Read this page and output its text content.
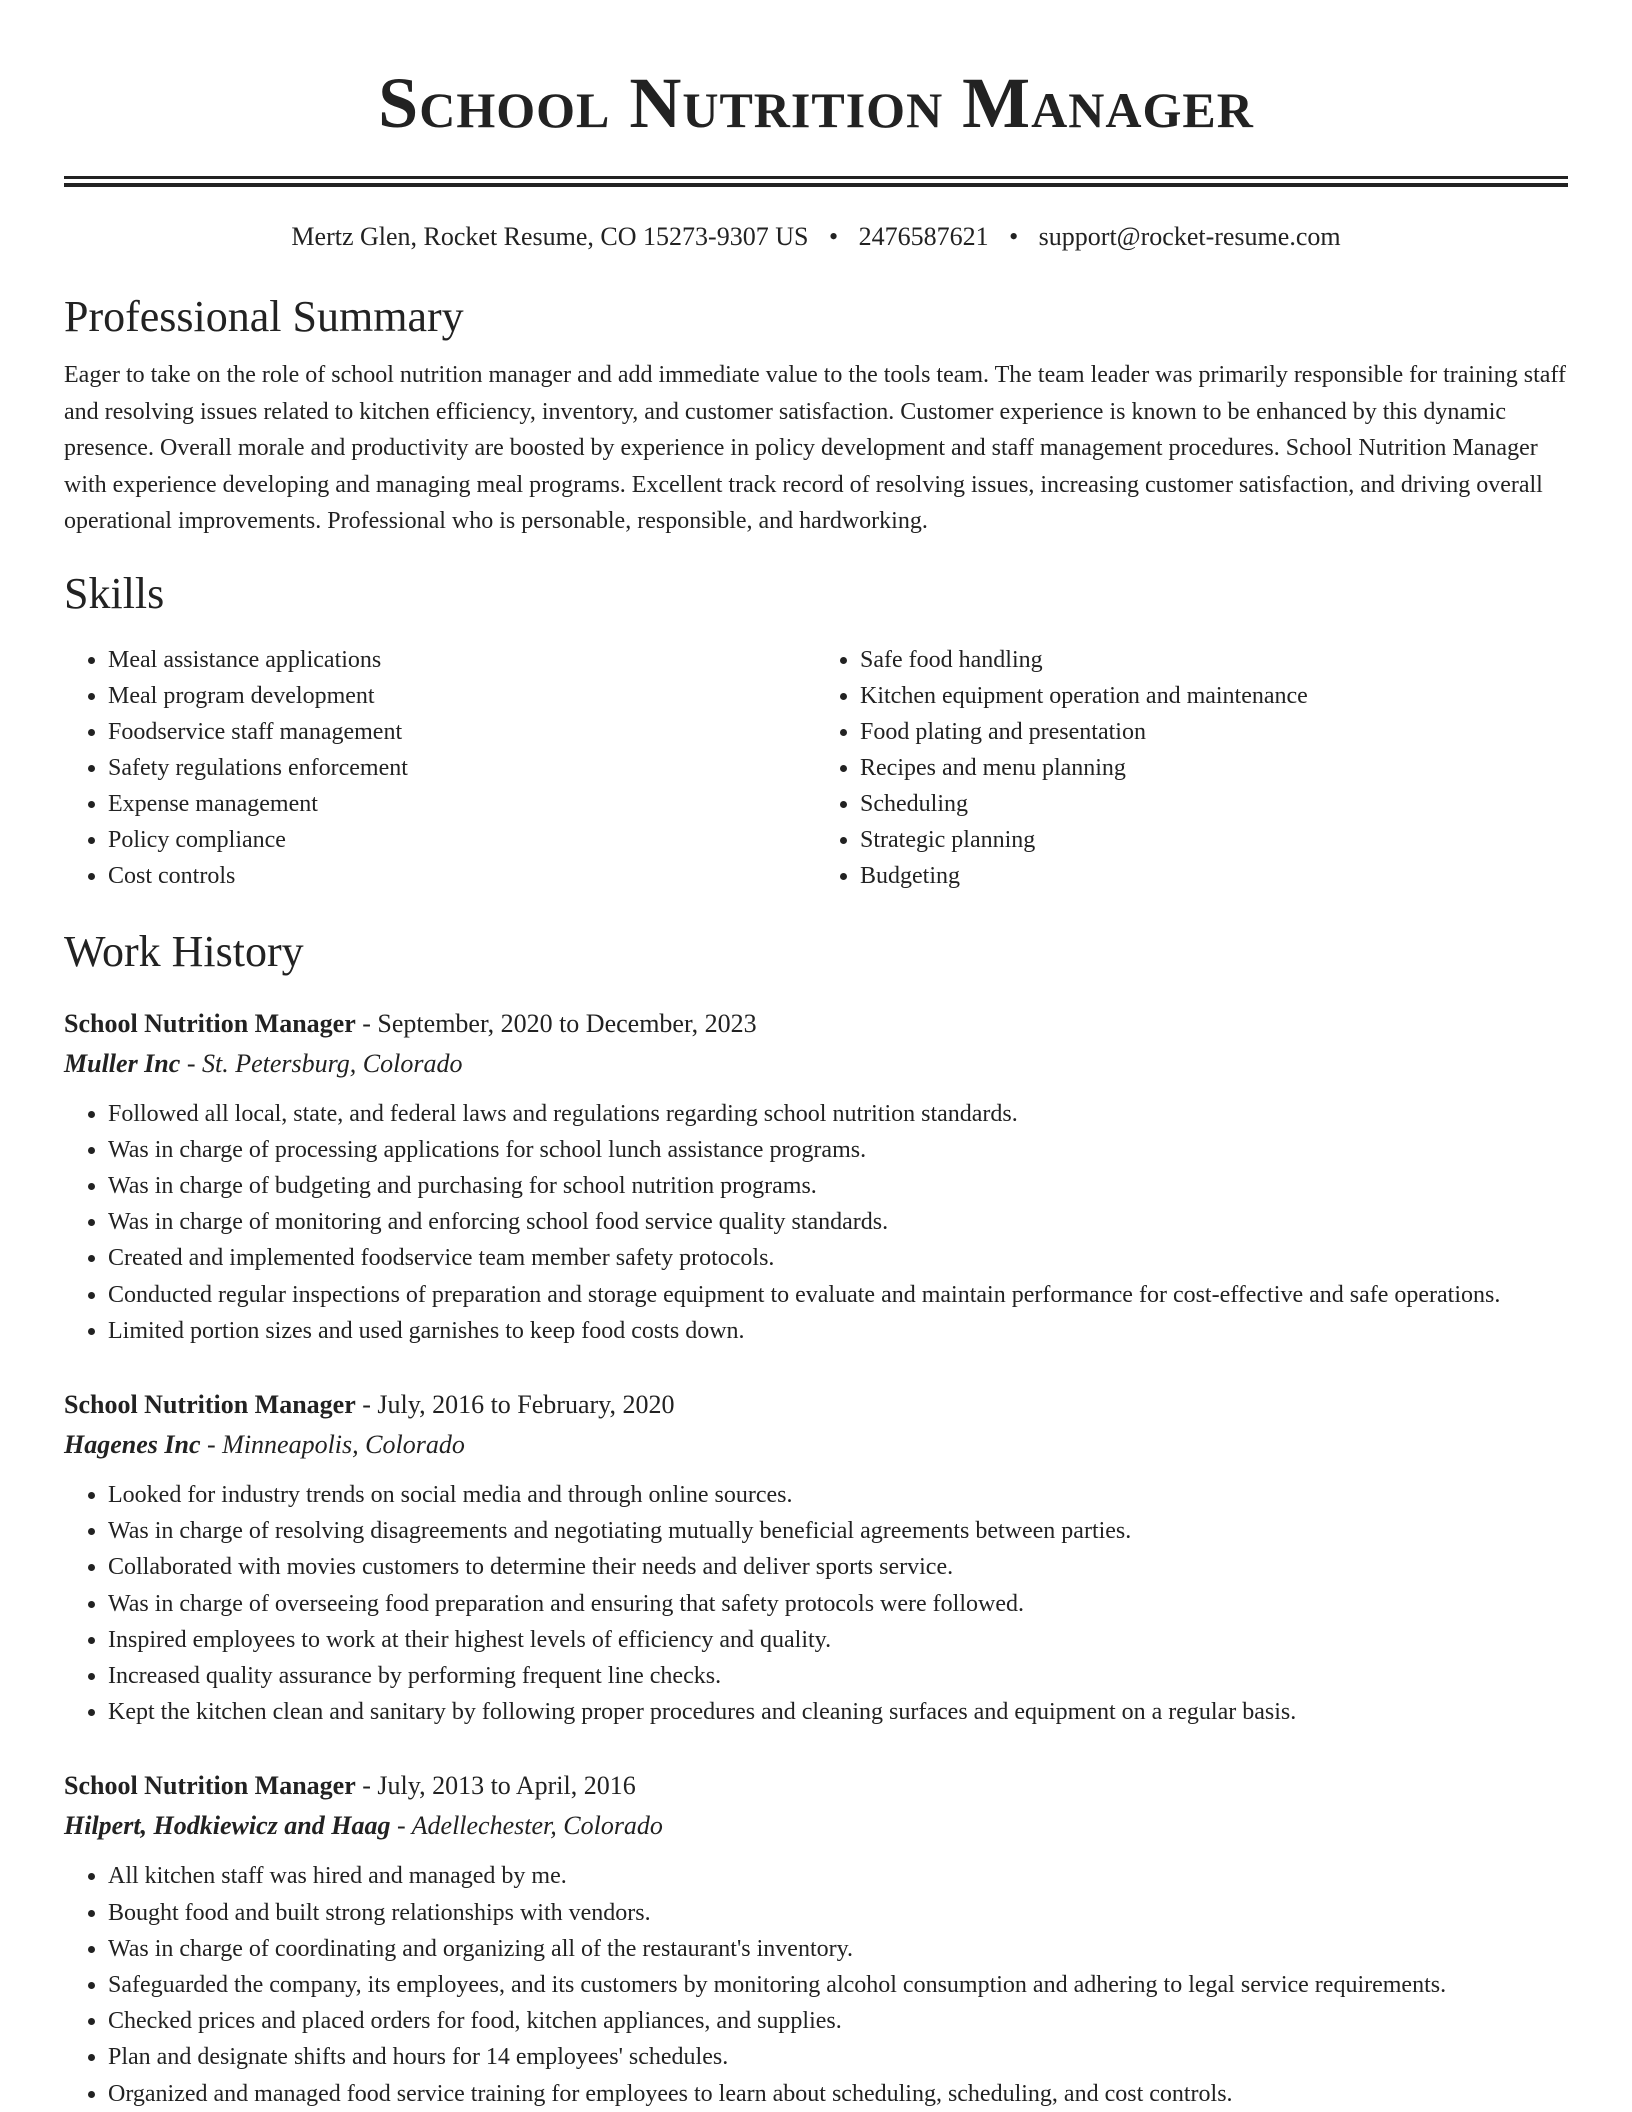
School Nutrition Manager
Mertz Glen, Rocket Resume, CO 15273-9307 US • 2476587621 • support@rocket-resume.com
Professional Summary

Eager to take on the role of school nutrition manager and add immediate value to the tools team. The team leader was primarily responsible for training staff and resolving issues related to kitchen efficiency, inventory, and customer satisfaction. Customer experience is known to be enhanced by this dynamic presence. Overall morale and productivity are boosted by experience in policy development and staff management procedures. School Nutrition Manager with experience developing and managing meal programs. Excellent track record of resolving issues, increasing customer satisfaction, and driving overall operational improvements. Professional who is personable, responsible, and hardworking.

Skills
• Meal assistance applications
• Meal program development
• Foodservice staff management
• Safety regulations enforcement
• Expense management
• Policy compliance
• Cost controls
• Safe food handling
• Kitchen equipment operation and maintenance
• Food plating and presentation
• Recipes and menu planning
• Scheduling
• Strategic planning
• Budgeting
Work History
School Nutrition Manager - September, 2020 to December, 2023
Muller Inc - St. Petersburg, Colorado
• Followed all local, state, and federal laws and regulations regarding school nutrition standards.
• Was in charge of processing applications for school lunch assistance programs.
• Was in charge of budgeting and purchasing for school nutrition programs.
• Was in charge of monitoring and enforcing school food service quality standards.
• Created and implemented foodservice team member safety protocols.
• Conducted regular inspections of preparation and storage equipment to evaluate and maintain performance for cost-effective and safe operations.
• Limited portion sizes and used garnishes to keep food costs down.
School Nutrition Manager - July, 2016 to February, 2020
Hagenes Inc - Minneapolis, Colorado
• Looked for industry trends on social media and through online sources.
• Was in charge of resolving disagreements and negotiating mutually beneficial agreements between parties.
• Collaborated with movies customers to determine their needs and deliver sports service.
• Was in charge of overseeing food preparation and ensuring that safety protocols were followed.
• Inspired employees to work at their highest levels of efficiency and quality.
• Increased quality assurance by performing frequent line checks.
• Kept the kitchen clean and sanitary by following proper procedures and cleaning surfaces and equipment on a regular basis.
School Nutrition Manager - July, 2013 to April, 2016
Hilpert, Hodkiewicz and Haag - Adellechester, Colorado
• All kitchen staff was hired and managed by me.
• Bought food and built strong relationships with vendors.
• Was in charge of coordinating and organizing all of the restaurant's inventory.
• Safeguarded the company, its employees, and its customers by monitoring alcohol consumption and adhering to legal service requirements.
• Checked prices and placed orders for food, kitchen appliances, and supplies.
• Plan and designate shifts and hours for 14 employees' schedules.
• Organized and managed food service training for employees to learn about scheduling, scheduling, and cost controls.
